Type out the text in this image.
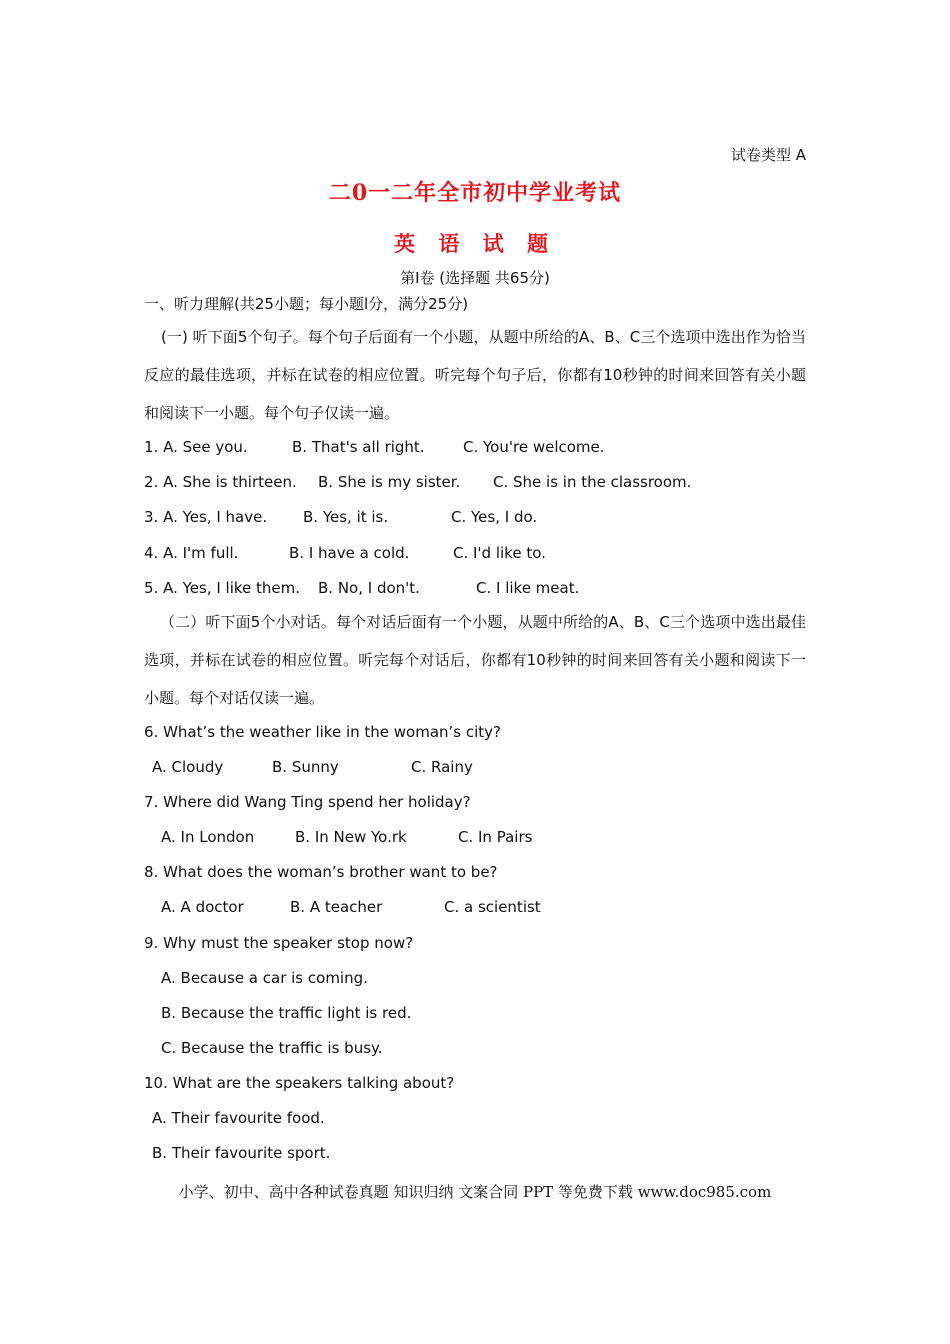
试卷类型 A
二0一二年全市初中学业考试
英 语 试 题
第Ⅰ卷 (选择题 共65分)
一、听力理解(共25小题；每小题l分，满分25分)
(一) 听下面5个句子。每个句子后面有一个小题，从题中所给的A、B、C三个选项中选出作为恰当反应的最佳选项，并标在试卷的相应位置。听完每个句子后，你都有10秒钟的时间来回答有关小题和阅读下一小题。每个句子仅读一遍。
1. A. See you.	B. That's all right.	C. You're welcome.
2. A. She is thirteen. B. She is my sister. C. She is in the classroom.
3. A. Yes, I have. B. Yes, it is.	C. Yes, I do.
4. A. I'm full.	B. I have a cold.	C. I'd like to.
5. A. Yes, I like them. B. No, I don't.	C. I like meat.
（二）听下面5个小对话。每个对话后面有一个小题，从题中所给的A、B、C三个选项中选出最佳选项，并标在试卷的相应位置。听完每个对话后，你都有10秒钟的时间来回答有关小题和阅读下一小题。每个对话仅读一遍。
6. What’s the weather like in the woman’s city?
A. Cloudy	B. Sunny	C. Rainy
7. Where did Wang Ting spend her holiday?
A. In London	B. In New Yo.rk	C. In Pairs
8. What does the woman’s brother want to be?
A. A doctor	B. A teacher	C. a scientist
9. Why must the speaker stop now?
A. Because a car is coming.
B. Because the traffic light is red.
C. Because the traffic is busy.
10. What are the speakers talking about?
A. Their favourite food.
B. Their favourite sport.
小学、初中、高中各种试卷真题 知识归纳 文案合同 PPT 等免费下载 www.doc985.com
